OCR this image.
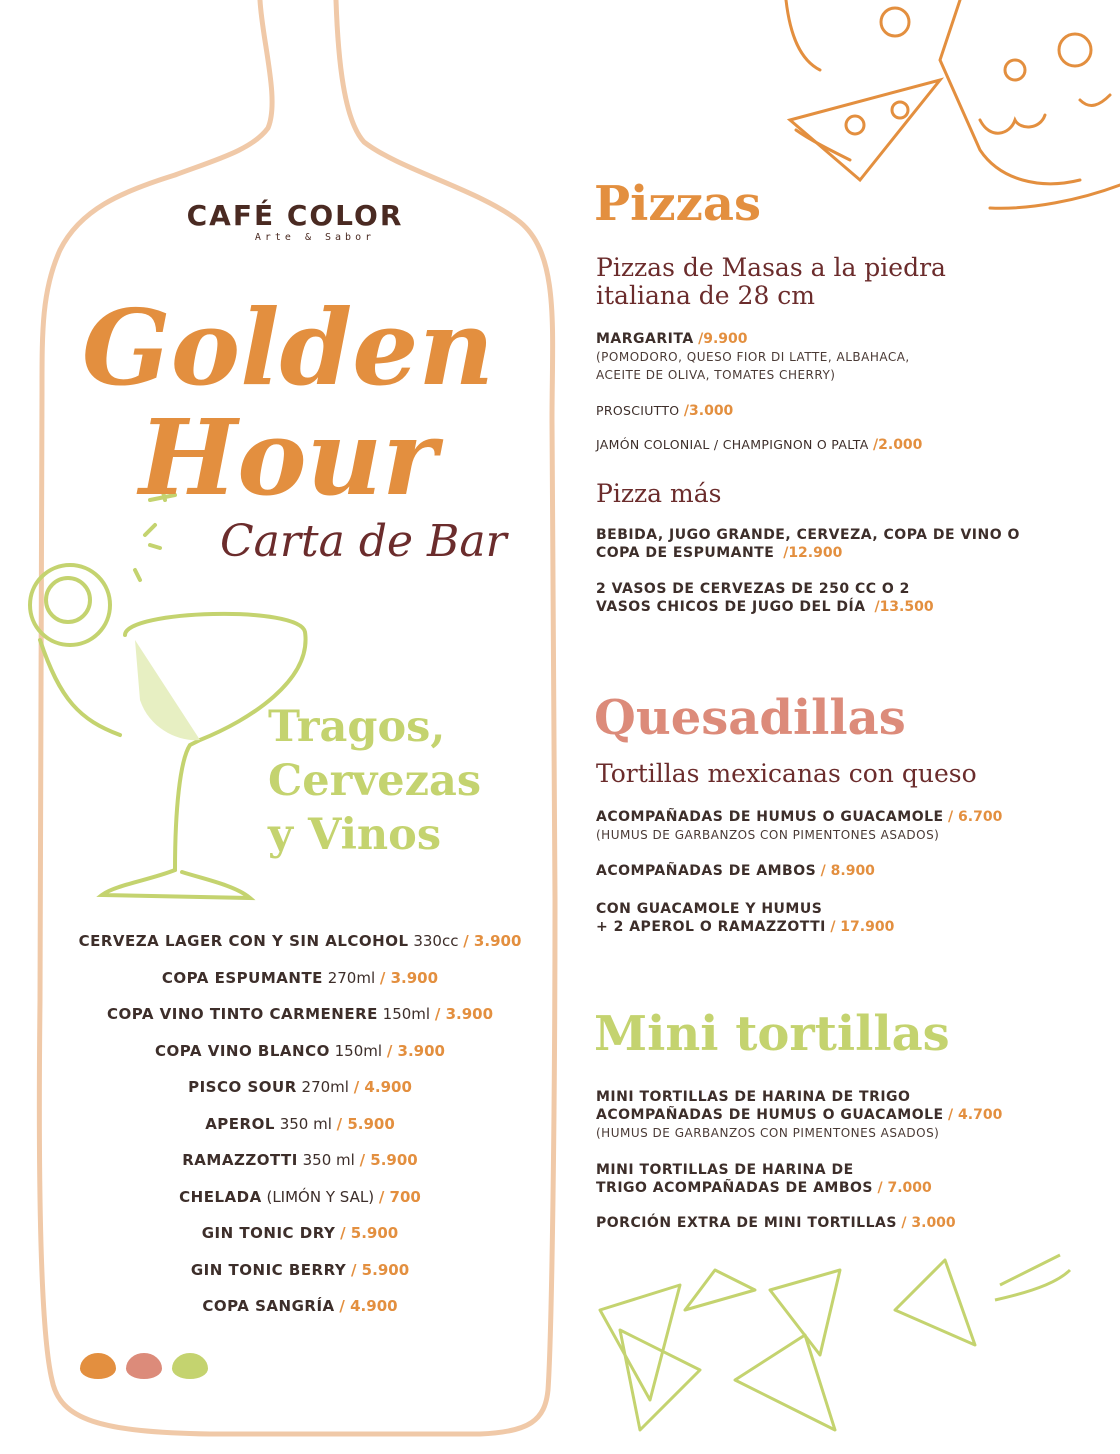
CAFÉ COLOR
Arte & Sabor
Golden
Hour
Carta de Bar
Tragos,
Cervezas
y Vinos
CERVEZA LAGER CON Y SIN ALCOHOL 330cc / 3.900
COPA ESPUMANTE 270ml / 3.900
COPA VINO TINTO CARMENERE 150ml / 3.900
COPA VINO BLANCO 150ml / 3.900
PISCO SOUR 270ml / 4.900
APEROL 350 ml / 5.900
RAMAZZOTTI 350 ml / 5.900
CHELADA (LIMÓN Y SAL) / 700
GIN TONIC DRY / 5.900
GIN TONIC BERRY / 5.900
COPA SANGRÍA / 4.900
Pizzas
Pizzas de Masas a la piedra
italiana de 28 cm
MARGARITA /9.900
(POMODORO, QUESO FIOR DI LATTE, ALBAHACA,
ACEITE DE OLIVA, TOMATES CHERRY)
PROSCIUTTO /3.000
JAMÓN COLONIAL / CHAMPIGNON O PALTA /2.000
Pizza más
BEBIDA, JUGO GRANDE, CERVEZA, COPA DE VINO O
COPA DE ESPUMANTE /12.900
2 VASOS DE CERVEZAS DE 250 CC O 2
VASOS CHICOS DE JUGO DEL DÍA /13.500
Quesadillas
Tortillas mexicanas con queso
ACOMPAÑADAS DE HUMUS O GUACAMOLE / 6.700
(HUMUS DE GARBANZOS CON PIMENTONES ASADOS)
ACOMPAÑADAS DE AMBOS / 8.900
CON GUACAMOLE Y HUMUS
+ 2 APEROL O RAMAZZOTTI / 17.900
Mini tortillas
MINI TORTILLAS DE HARINA DE TRIGO
ACOMPAÑADAS DE HUMUS O GUACAMOLE / 4.700
(HUMUS DE GARBANZOS CON PIMENTONES ASADOS)
MINI TORTILLAS DE HARINA DE
TRIGO ACOMPAÑADAS DE AMBOS / 7.000
PORCIÓN EXTRA DE MINI TORTILLAS / 3.000
